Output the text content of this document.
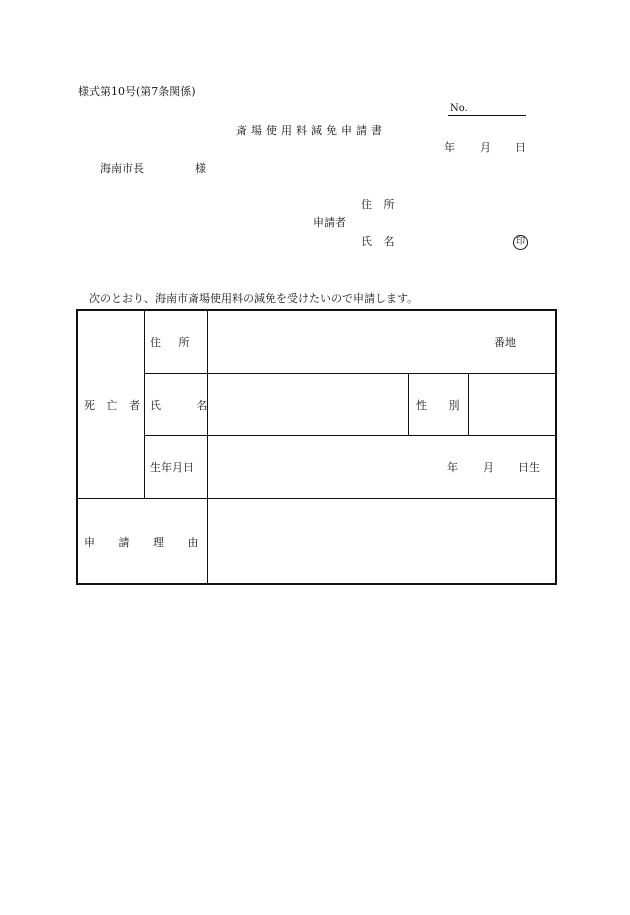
様式第10号(第7条関係)
No.
斎場使用料減免申請書
年 月 日
海南市長	様
住 所
申請者
氏 名	印
次のとおり、海南市斎場使用料の減免を受けたいので申請します。
死 亡 者
住 所	番地
氏 名	性 別
生年月日	年 月 日生
申 請 理 由
